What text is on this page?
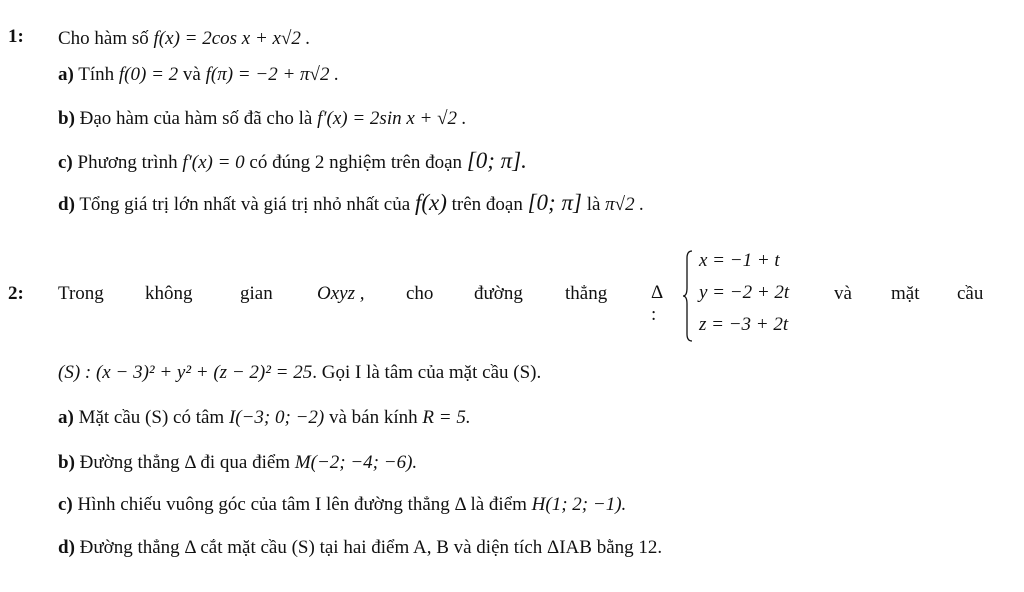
1: Cho hàm số f(x) = 2cos x + x√2 .
a) Tính f(0) = 2 và f(π) = −2 + π√2 .
b) Đạo hàm của hàm số đã cho là f′(x) = 2sin x + √2 .
c) Phương trình f′(x) = 0 có đúng 2 nghiệm trên đoạn [0; π].
d) Tổng giá trị lớn nhất và giá trị nhỏ nhất của f(x) trên đoạn [0; π] là π√2 .
2: Trong không	gian Oxyz , cho đường thẳng Δ :
x = −1 + t
y = −2 + 2t
z = −3 + 2t
và mặt cầu
(S) : (x − 3)² + y² + (z − 2)² = 25. Gọi I là tâm của mặt cầu (S).
a) Mặt cầu (S) có tâm I(−3; 0; −2) và bán kính R = 5.
b) Đường thẳng Δ đi qua điểm M(−2; −4; −6).
c) Hình chiếu vuông góc của tâm I lên đường thẳng Δ là điểm H(1; 2; −1).
d) Đường thẳng Δ cắt mặt cầu (S) tại hai điểm A, B và diện tích ΔIAB bằng 12.
